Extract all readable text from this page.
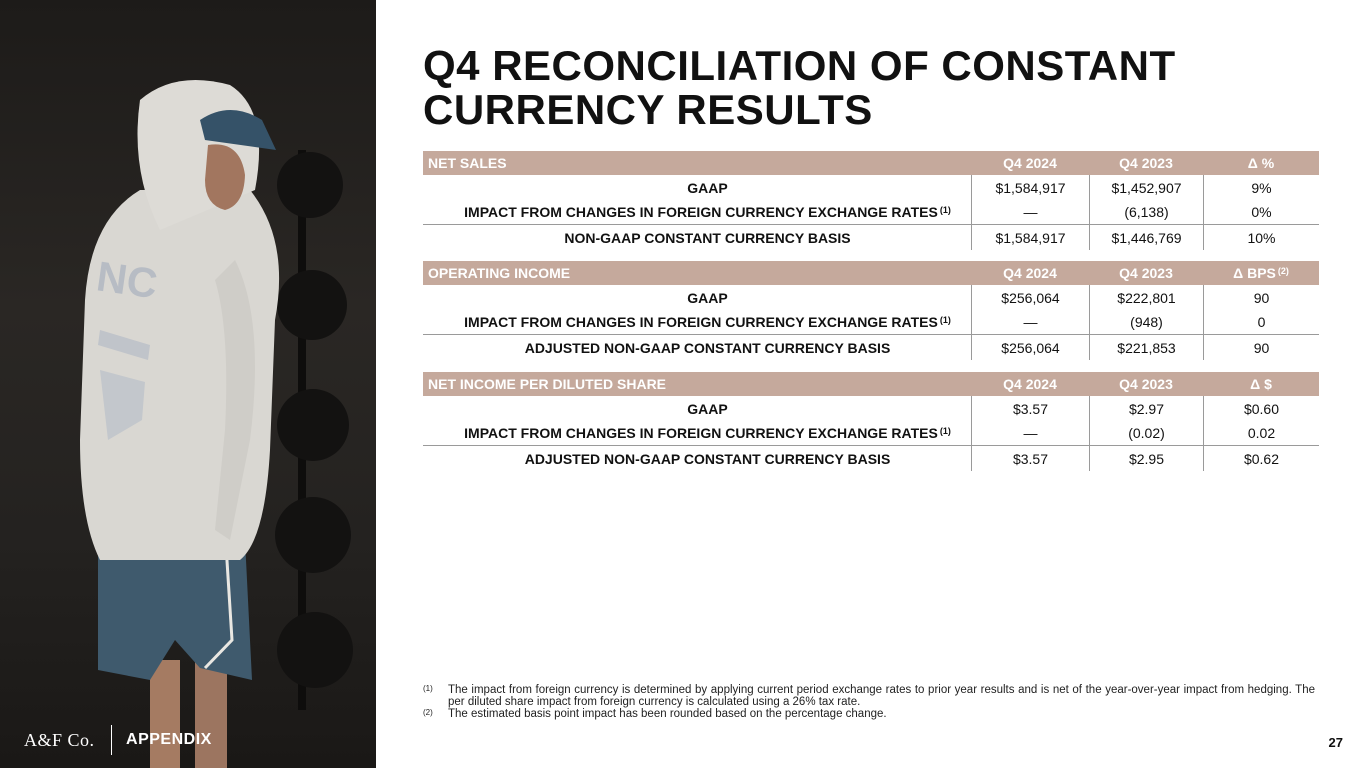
NC
A&F Co. APPENDIX
Q4 RECONCILIATION OF CONSTANT
CURRENCY RESULTS
NET SALES	Q4 2024	Q4 2023	Δ %
GAAP	$1,584,917	$1,452,907	9%
IMPACT FROM CHANGES IN FOREIGN CURRENCY EXCHANGE RATES$^{(1)}$	—	(6,138)	0%
NON-GAAP CONSTANT CURRENCY BASIS	$1,584,917	$1,446,769	10%
OPERATING INCOME	Q4 2024	Q4 2023	Δ BPS$^{(2)}$
GAAP	$256,064	$222,801	90
IMPACT FROM CHANGES IN FOREIGN CURRENCY EXCHANGE RATES$^{(1)}$	—	(948)	0
ADJUSTED NON-GAAP CONSTANT CURRENCY BASIS	$256,064	$221,853	90
NET INCOME PER DILUTED SHARE	Q4 2024	Q4 2023	Δ $
GAAP	$3.57	$2.97	$0.60
IMPACT FROM CHANGES IN FOREIGN CURRENCY EXCHANGE RATES$^{(1)}$	—	(0.02)	0.02
ADJUSTED NON-GAAP CONSTANT CURRENCY BASIS	$3.57	$2.95	$0.62
(1)	The impact from foreign currency is determined by applying current period exchange rates to prior year results and is net of the year-over-year impact from hedging. The per diluted share impact from foreign currency is calculated using a 26% tax rate.
(2)	The estimated basis point impact has been rounded based on the percentage change.
27
